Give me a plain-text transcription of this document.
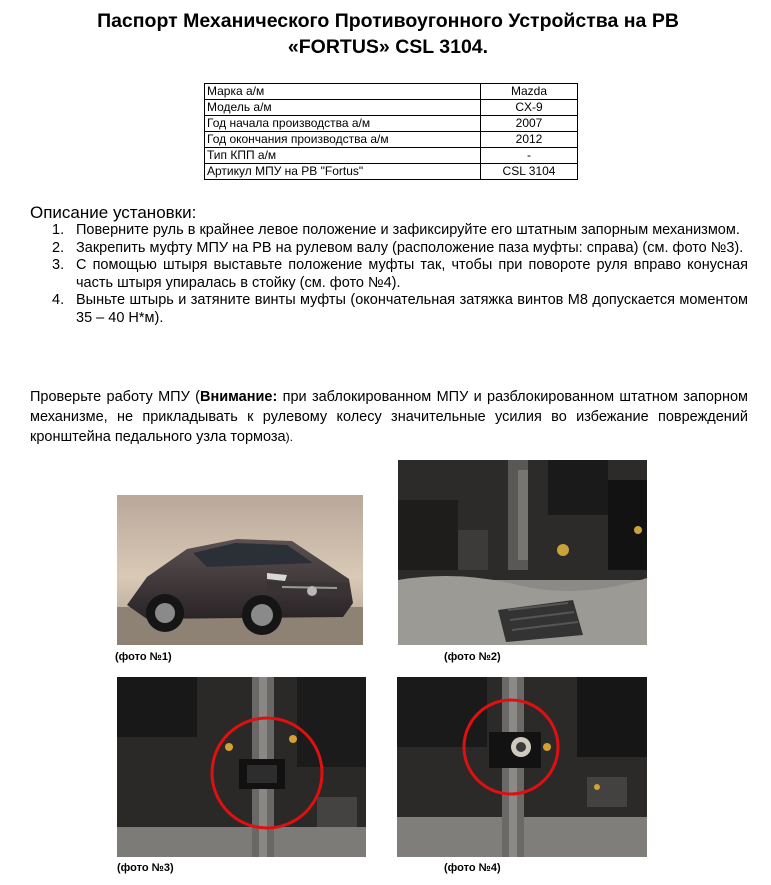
Паспорт Механического Противоугонного Устройства на РВ
«FORTUS» CSL 3104.
Марка а/м	Mazda
Модель а/м	CX-9
Год начала производства а/м	2007
Год окончания производства а/м	2012
Тип КПП а/м	-
Артикул МПУ на РВ "Fortus"	CSL 3104
Описание установки:
1. Поверните руль в крайнее левое положение и зафиксируйте его штатным запорным механизмом.
2. Закрепить муфту МПУ на РВ на рулевом валу (расположение паза муфты: справа) (см. фото №3).
3. С помощью штыря выставьте положение муфты так, чтобы при повороте руля вправо конусная часть штыря упиралась в стойку (см. фото №4).
4. Выньте штырь и затяните винты муфты (окончательная затяжка винтов М8 допускается моментом 35 – 40 Н*м).
Проверьте работу МПУ (Внимание: при заблокированном МПУ и разблокированном штатном запорном механизме, не прикладывать к рулевому колесу значительные усилия во избежание повреждений кронштейна педального узла тормоза).
(фото №1)	(фото №2)
(фото №3)	(фото №4)
